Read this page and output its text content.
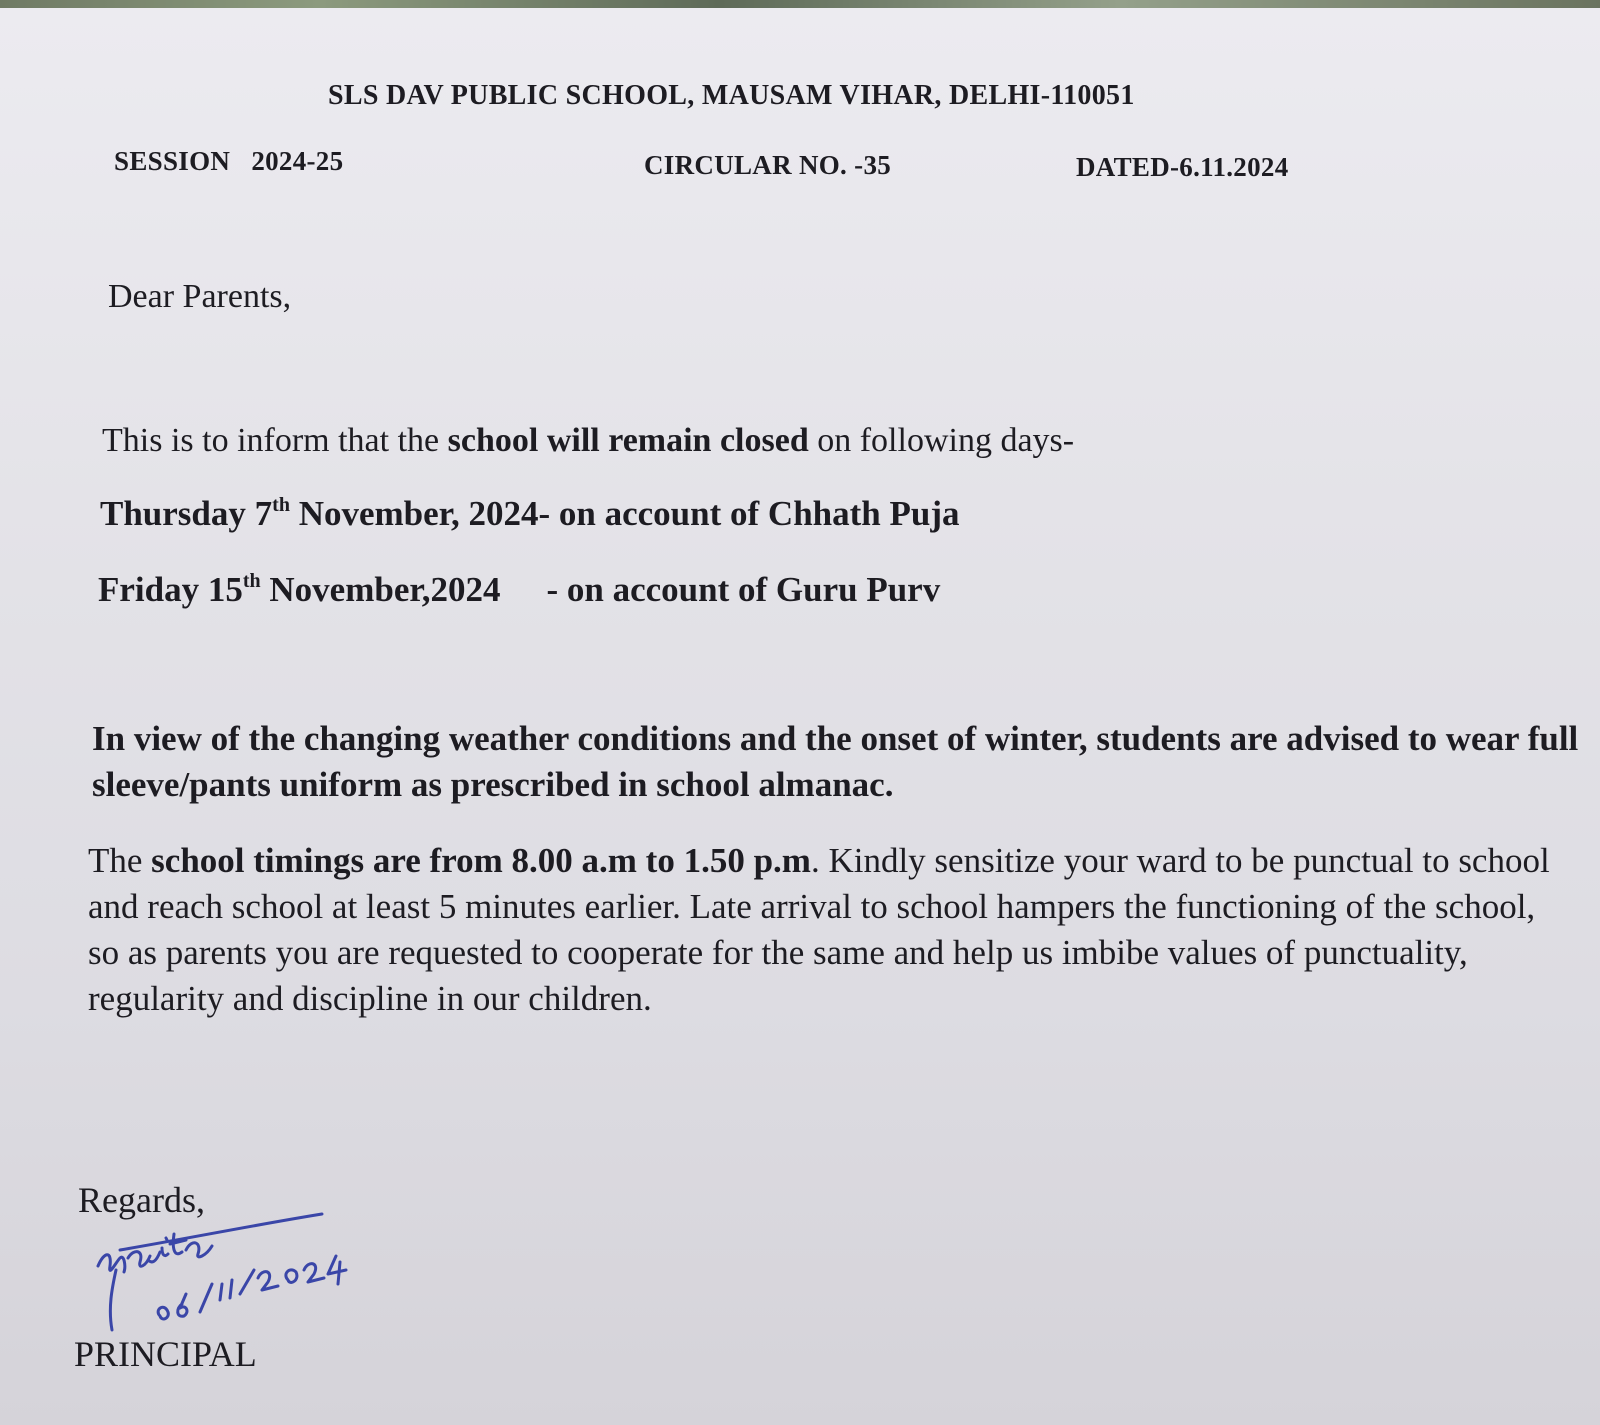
SLS DAV PUBLIC SCHOOL, MAUSAM VIHAR, DELHI-110051
SESSION   2024-25	CIRCULAR NO. -35	DATED-6.11.2024
Dear Parents,
This is to inform that the school will remain closed on following days-
Thursday 7th November, 2024- on account of Chhath Puja
Friday 15th November,2024 - on account of Guru Purv
In view of the changing weather conditions and the onset of winter, students are advised to wear full sleeve/pants uniform as prescribed in school almanac.
The school timings are from 8.00 a.m to 1.50 p.m. Kindly sensitize your ward to be punctual to school and reach school at least 5 minutes earlier. Late arrival to school hampers the functioning of the school, so as parents you are requested to cooperate for the same and help us imbibe values of punctuality, regularity and discipline in our children.
Regards,
PRINCIPAL
